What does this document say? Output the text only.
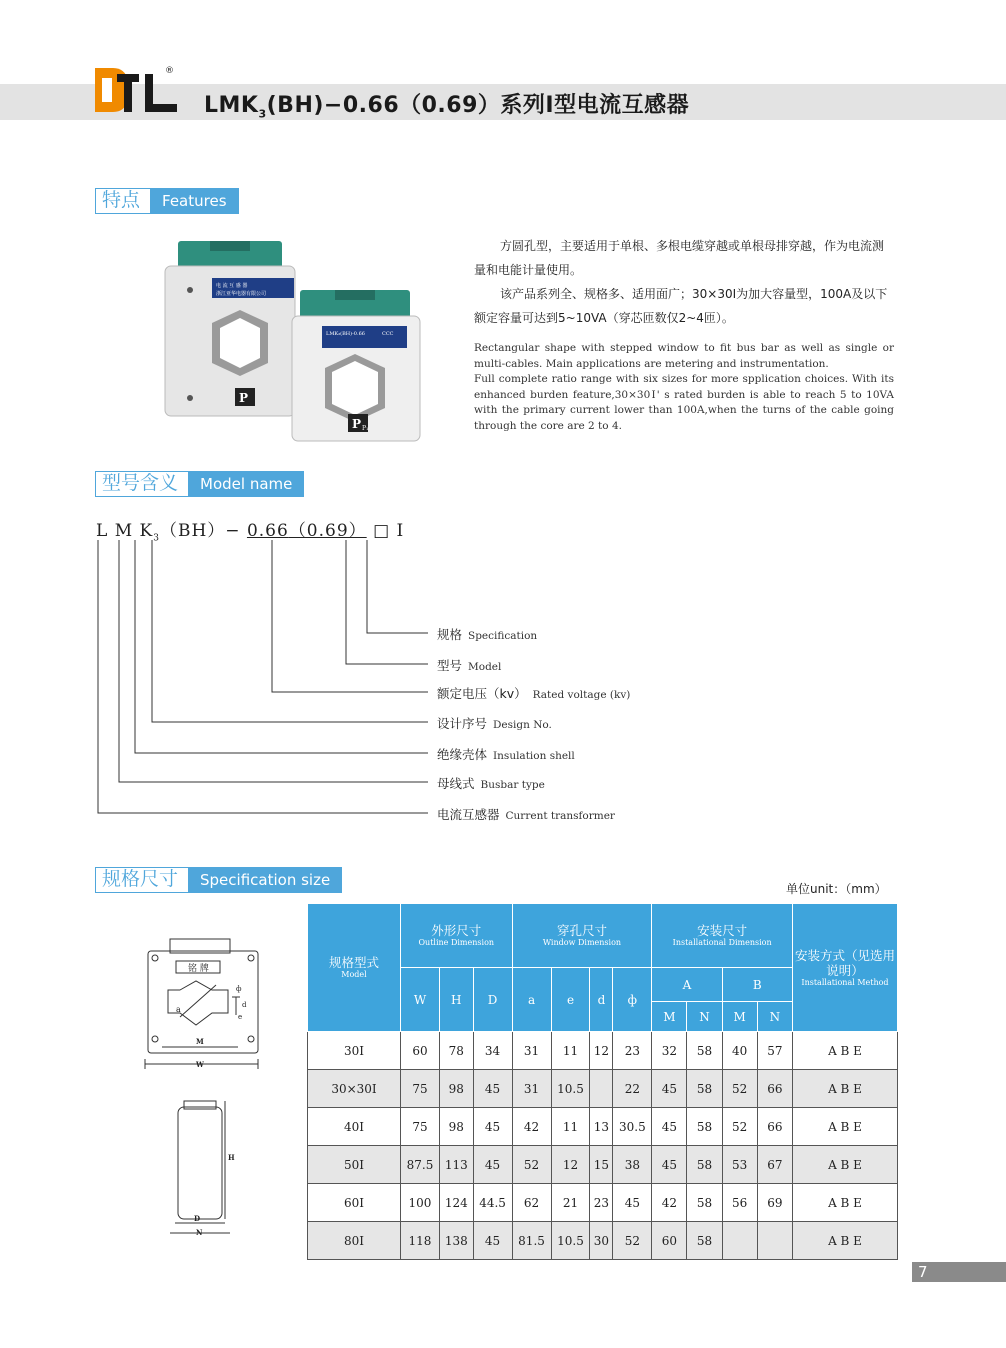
®
$LMK_3(BH)-0.66(0.69)$系列Ⅰ型电流互感器
特点	Features
电 流 互 感 器
浙江亚华电器有限公司
P
LMK₃(BH)-0.66	CCC
P P₁
方圆孔型，主要适用于单根、多根电缆穿越或单根母排穿越，作为电流测量和电能计量使用。
该产品系列全、规格多、适用面广；30×30Ⅰ为加大容量型，100A及以下额定容量可达到5~10VA（穿芯匝数仅2~4匝）。
Rectangular shape with stepped window to fit bus bar as well as single or multi-cables. Main applications are metering and instrumentation.
Full complete ratio range with six sizes for more spplication choices. With its enhanced burden feature,30×30Ⅰ' s rated burden is able to reach 5 to 10VA with the primary current lower than 100A,when the turns of the cable going through the core are 2 to 4.
型号含义	Model name
L M $K_3(BH)- 0.66(0.69)$ □ Ⅰ
规格 Specification
型号 Model
额定电压（kv） Rated voltage (kv)
设计序号 Design No.
绝缘壳体 Insulation shell
母线式 Busbar type
电流互感器 Current transformer
规格尺寸	Specification size	单位unit：（mm）
铭 牌
a
ф
d
e
M
W
H
D
N
规格型式
Model	外形尺寸
Outline Dimension			穿孔尺寸
Window Dimension				安装尺寸
Installational Dimension				安装方式（见选用说明）
Installational Method

	W	H	D	a	e	d	ф	A		B		
								M	N	M	N	
30Ⅰ	60	78	34	31	11	12	23	32	58	40	57	A B E
30×30Ⅰ	75	98	45	31	10.5		22	45	58	52	66	A B E
40Ⅰ	75	98	45	42	11	13	30.5	45	58	52	66	A B E
50Ⅰ	87.5	113	45	52	12	15	38	45	58	53	67	A B E
60Ⅰ	100	124	44.5	62	21	23	45	42	58	56	69	A B E
80Ⅰ	118	138	45	81.5	10.5	30	52	60	58			A B E
7
